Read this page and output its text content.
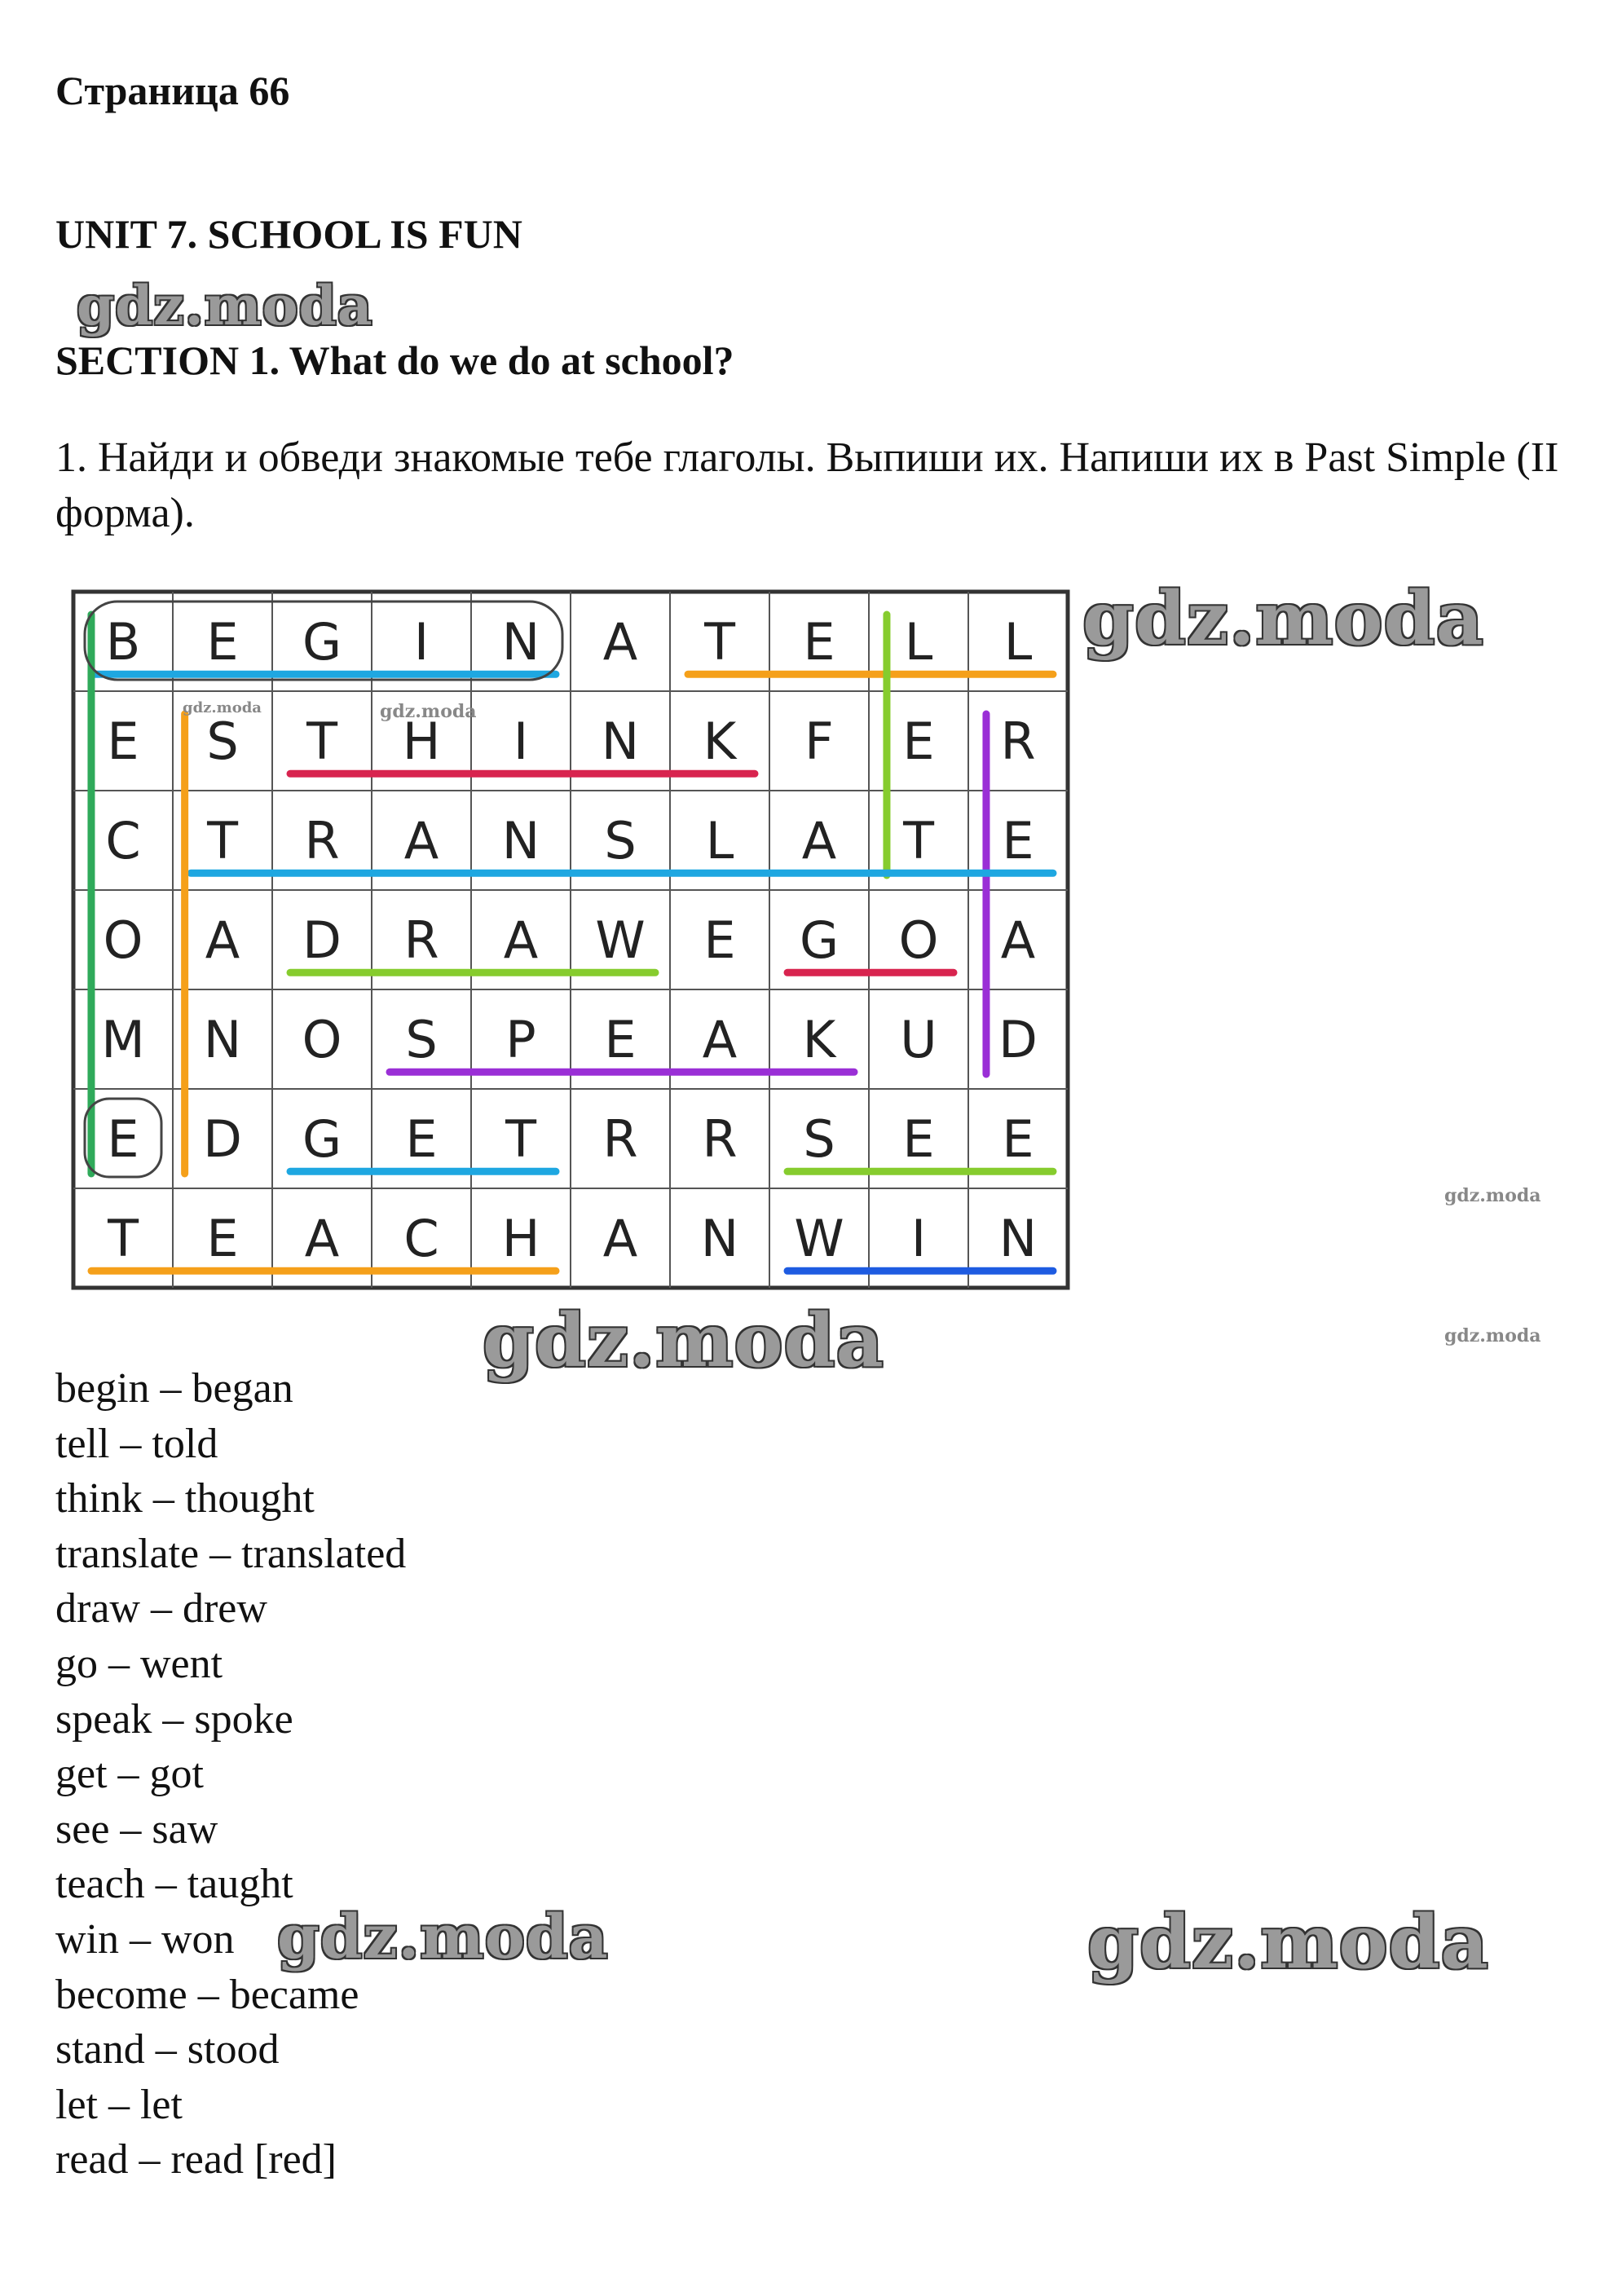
Страница 66
UNIT 7. SCHOOL IS FUN
gdz.moda
SECTION 1. What do we do at school?
1. Найди и обведи знакомые тебе глаголы. Выпиши их. Напиши их в Past Simple (II форма).
B E G I N A T E L L
E S T H I N K F E R
C T R A N S L A T E
O A D R A W E G O A
M N O S P E A K U D
E D G E T R R S E E
T E A C H A N W I N
gdz.moda
gdz.moda	gdz.moda
gdz.moda
gdz.moda
gdz.moda
begin – began
tell – told
think – thought
translate – translated
draw – drew
go – went
speak – spoke
get – got
see – saw
teach – taught
win – won
become – became
stand – stood
let – let
read – read [red]
gdz.moda	gdz.moda
